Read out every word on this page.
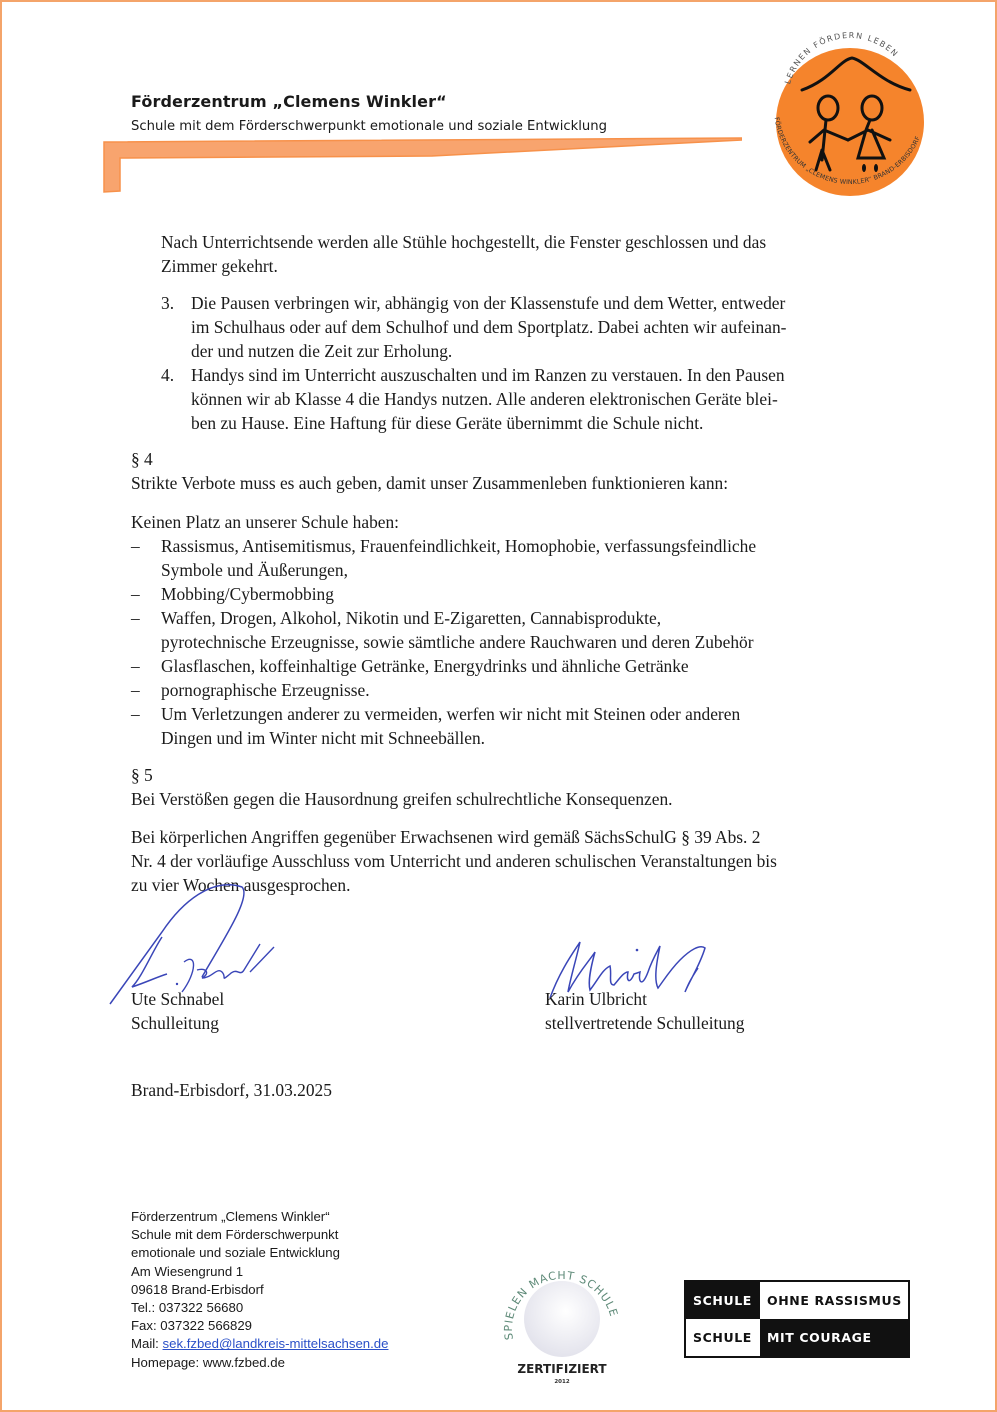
Förderzentrum „Clemens Winkler“
Schule mit dem Förderschwerpunkt emotionale und soziale Entwicklung
LERNEN FÖRDERN LEBEN
FÖRDERZENTRUM „CLEMENS WINKLER“ BRAND-ERBISDORF
Nach Unterrichtsende werden alle Stühle hochgestellt, die Fenster geschlossen und das
Zimmer gekehrt.
3. Die Pausen verbringen wir, abhängig von der Klassenstufe und dem Wetter, entweder
im Schulhaus oder auf dem Schulhof und dem Sportplatz. Dabei achten wir aufeinan-
der und nutzen die Zeit zur Erholung.
4. Handys sind im Unterricht auszuschalten und im Ranzen zu verstauen. In den Pausen
können wir ab Klasse 4 die Handys nutzen. Alle anderen elektronischen Geräte blei-
ben zu Hause. Eine Haftung für diese Geräte übernimmt die Schule nicht.
§ 4
Strikte Verbote muss es auch geben, damit unser Zusammenleben funktionieren kann:
Keinen Platz an unserer Schule haben:
– Rassismus, Antisemitismus, Frauenfeindlichkeit, Homophobie, verfassungsfeindliche
Symbole und Äußerungen,
– Mobbing/Cybermobbing
– Waffen, Drogen, Alkohol, Nikotin und E-Zigaretten, Cannabisprodukte,
pyrotechnische Erzeugnisse, sowie sämtliche andere Rauchwaren und deren Zubehör
– Glasflaschen, koffeinhaltige Getränke, Energydrinks und ähnliche Getränke
– pornographische Erzeugnisse.
– Um Verletzungen anderer zu vermeiden, werfen wir nicht mit Steinen oder anderen
Dingen und im Winter nicht mit Schneebällen.
§ 5
Bei Verstößen gegen die Hausordnung greifen schulrechtliche Konsequenzen.
Bei körperlichen Angriffen gegenüber Erwachsenen wird gemäß SächsSchulG § 39 Abs. 2
Nr. 4 der vorläufige Ausschluss vom Unterricht und anderen schulischen Veranstaltungen bis
zu vier Wochen ausgesprochen.
Ute Schnabel
Schulleitung
Karin Ulbricht
stellvertretende Schulleitung
Brand-Erbisdorf, 31.03.2025
Förderzentrum „Clemens Winkler“
Schule mit dem Förderschwerpunkt
emotionale und soziale Entwicklung
Am Wiesengrund 1
09618 Brand-Erbisdorf
Tel.: 037322 56680
Fax: 037322 566829
Mail: sek.fzbed@landkreis-mittelsachsen.de
Homepage: www.fzbed.de
SPIELEN MACHT SCHULE
ZERTIFIZIERT
2012
SCHULE	OHNE RASSISMUS
SCHULE	MIT COURAGE
